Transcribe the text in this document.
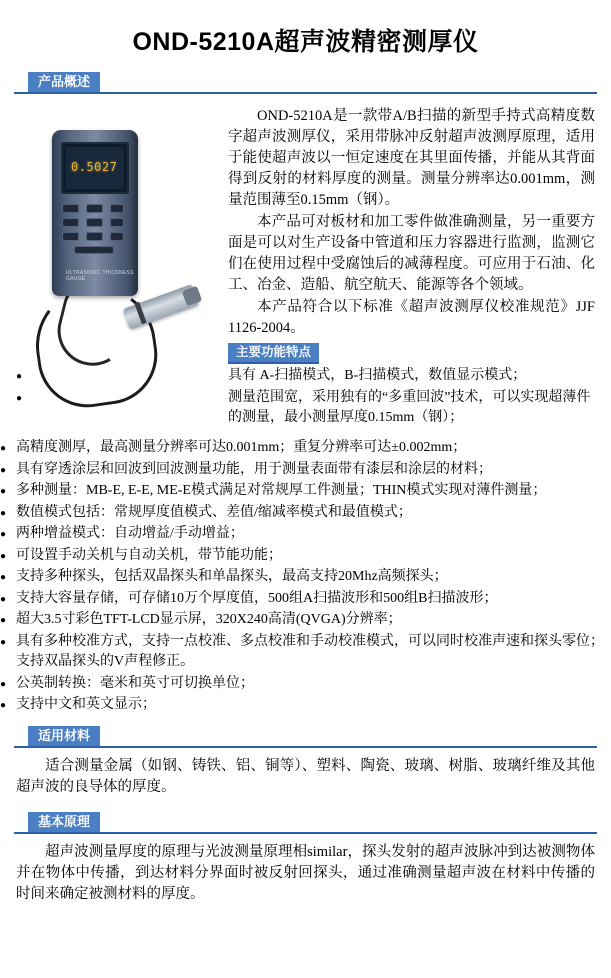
OND-5210A超声波精密测厚仪
产品概述
0.5027
ULTRASONIC THICKNESS GAUGE

OND-5210A是一款带A/B扫描的新型手持式高精度数字超声波测厚仪，采用带脉冲反射超声波测厚原理，适用于能使超声波以一恒定速度在其里面传播，并能从其背面得到反射的材料厚度的测量。测量分辨率达0.001mm，测量范围薄至0.15mm（钢）。

本产品可对板材和加工零件做准确测量，另一重要方面是可以对生产设备中管道和压力容器进行监测，监测它们在使用过程中受腐蚀后的减薄程度。可应用于石油、化工、冶金、造船、航空航天、能源等各个领域。

本产品符合以下标准《超声波测厚仪校准规范》JJF 1126-2004。

主要功能特点
● 具有 A-扫描模式，B-扫描模式，数值显示模式；
● 测量范围宽，采用独有的“多重回波”技术，可以实现超薄件的测量，最小测量厚度0.15mm（钢）；
● 高精度测厚，最高测量分辨率可达0.001mm；重复分辨率可达±0.002mm；
● 具有穿透涂层和回波到回波测量功能，用于测量表面带有漆层和涂层的材料；
● 多种测量：MB-E, E-E, ME-E模式满足对常规厚工件测量；THIN模式实现对薄件测量；
● 数值模式包括：常规厚度值模式、差值/缩减率模式和最值模式；
● 两种增益模式：自动增益/手动增益；
● 可设置手动关机与自动关机，带节能功能；
● 支持多种探头，包括双晶探头和单晶探头，最高支持20Mhz高频探头；
● 支持大容量存储，可存储10万个厚度值，500组A扫描波形和500组B扫描波形；
● 超大3.5寸彩色TFT-LCD显示屏，320X240高清(QVGA)分辨率；
● 具有多种校准方式，支持一点校准、多点校准和手动校准模式，可以同时校准声速和探头零位；支持双晶探头的V声程修正。
● 公英制转换：毫米和英寸可切换单位；
● 支持中文和英文显示；
适用材料

适合测量金属（如钢、铸铁、铝、铜等）、塑料、陶瓷、玻璃、树脂、玻璃纤维及其他超声波的良导体的厚度。

基本原理

超声波测量厚度的原理与光波测量原理相similar，探头发射的超声波脉冲到达被测物体并在物体中传播，到达材料分界面时被反射回探头，通过准确测量超声波在材料中传播的时间来确定被测材料的厚度。
